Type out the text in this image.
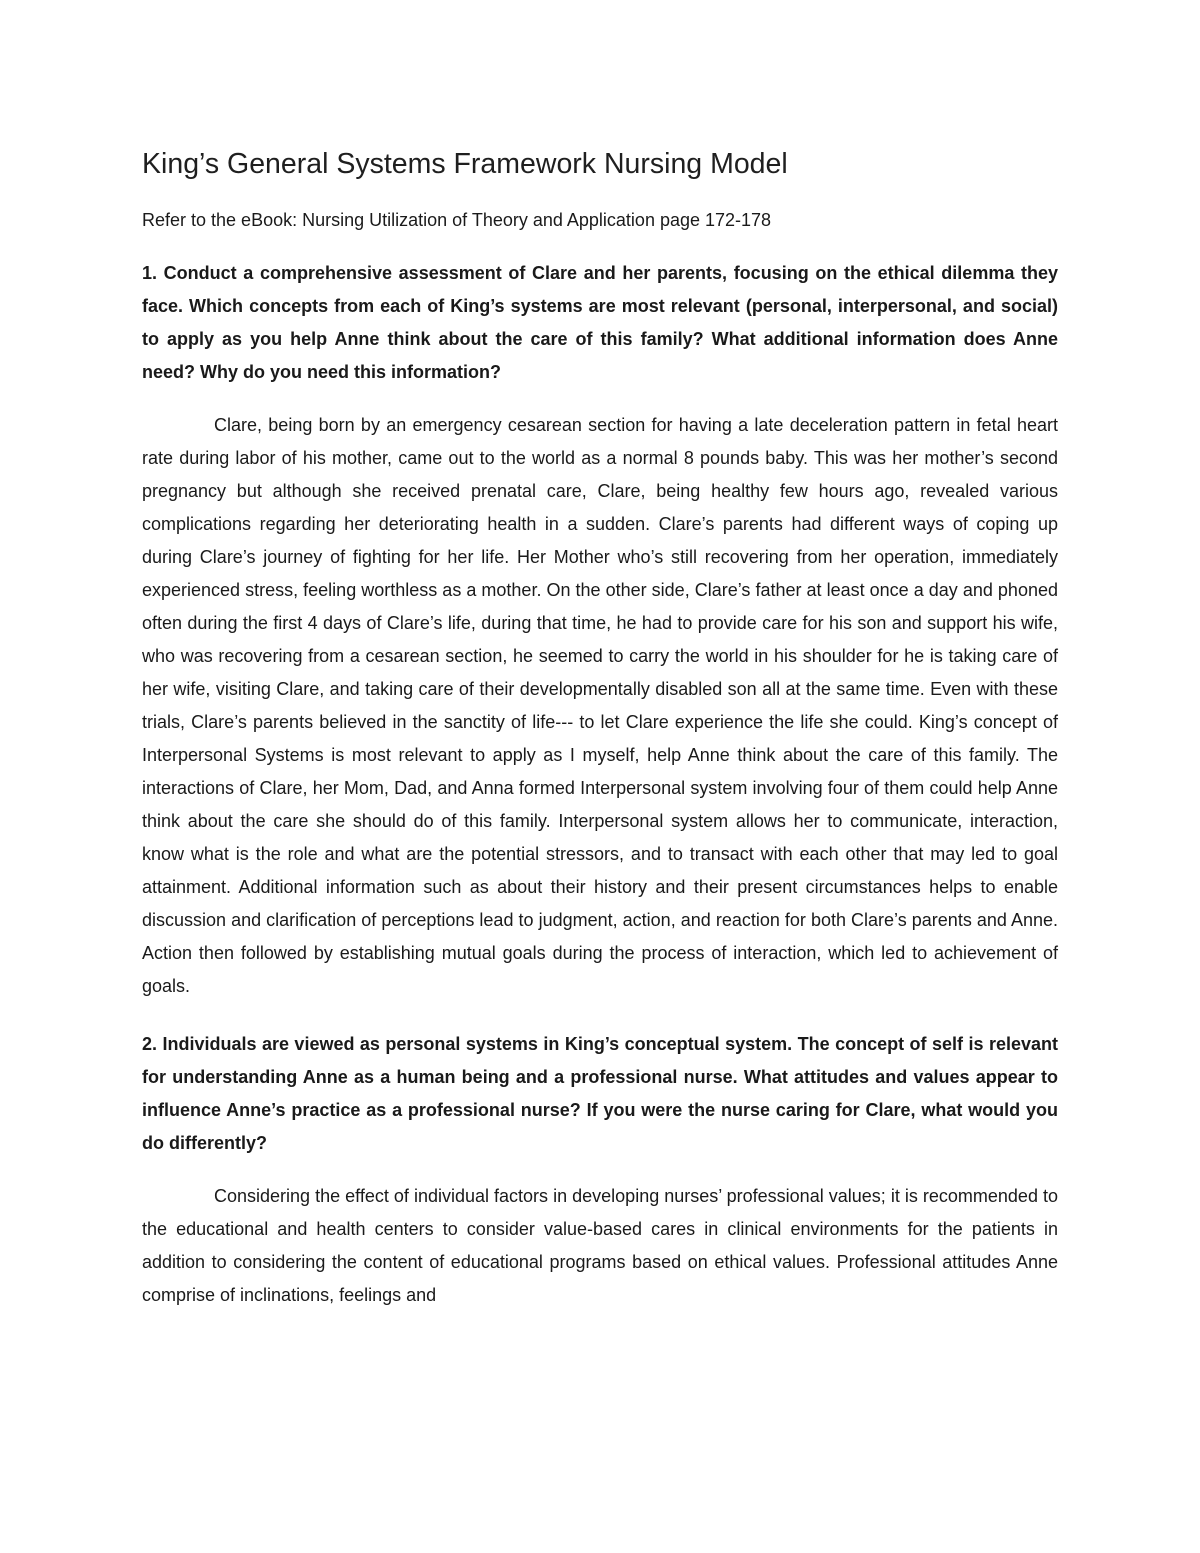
King’s General Systems Framework Nursing Model

Refer to the eBook: Nursing Utilization of Theory and Application page 172-178

1. Conduct a comprehensive assessment of Clare and her parents, focusing on the ethical dilemma they face. Which concepts from each of King’s systems are most relevant (personal, interpersonal, and social) to apply as you help Anne think about the care of this family? What additional information does Anne need? Why do you need this information?

Clare, being born by an emergency cesarean section for having a late deceleration pattern in fetal heart rate during labor of his mother, came out to the world as a normal 8 pounds baby. This was her mother’s second pregnancy but although she received prenatal care, Clare, being healthy few hours ago, revealed various complications regarding her deteriorating health in a sudden. Clare’s parents had different ways of coping up during Clare’s journey of fighting for her life. Her Mother who’s still recovering from her operation, immediately experienced stress, feeling worthless as a mother. On the other side, Clare’s father at least once a day and phoned often during the first 4 days of Clare’s life, during that time, he had to provide care for his son and support his wife, who was recovering from a cesarean section, he seemed to carry the world in his shoulder for he is taking care of her wife, visiting Clare, and taking care of their developmentally disabled son all at the same time. Even with these trials, Clare’s parents believed in the sanctity of life--- to let Clare experience the life she could. King’s concept of Interpersonal Systems is most relevant to apply as I myself, help Anne think about the care of this family. The interactions of Clare, her Mom, Dad, and Anna formed Interpersonal system involving four of them could help Anne think about the care she should do of this family. Interpersonal system allows her to communicate, interaction, know what is the role and what are the potential stressors, and to transact with each other that may led to goal attainment. Additional information such as about their history and their present circumstances helps to enable discussion and clarification of perceptions lead to judgment, action, and reaction for both Clare’s parents and Anne. Action then followed by establishing mutual goals during the process of interaction, which led to achievement of goals.

2. Individuals are viewed as personal systems in King’s conceptual system. The concept of self is relevant for understanding Anne as a human being and a professional nurse. What attitudes and values appear to influence Anne’s practice as a professional nurse? If you were the nurse caring for Clare, what would you do differently?

Considering the effect of individual factors in developing nurses’ professional values; it is recommended to the educational and health centers to consider value-based cares in clinical environments for the patients in addition to considering the content of educational programs based on ethical values. Professional attitudes Anne comprise of inclinations, feelings and
